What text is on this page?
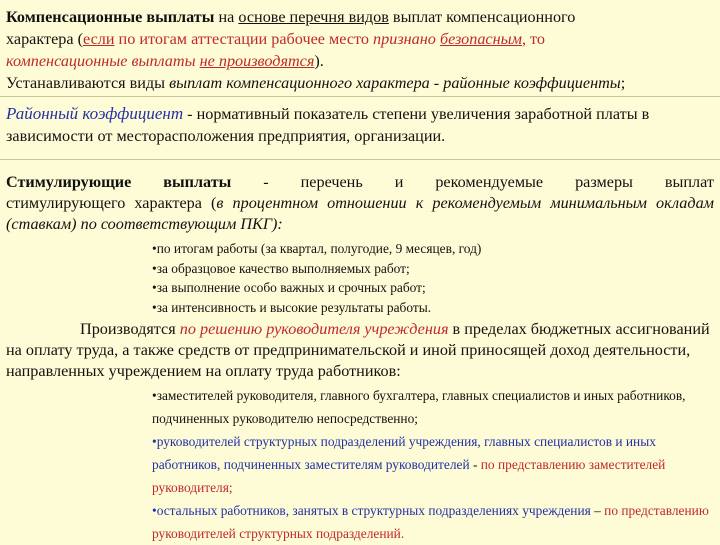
Компенсационные выплаты на основе перечня видов выплат компенсационного
характера (если по итогам аттестации рабочее место признано безопасным, то
компенсационные выплаты не производятся).
Устанавливаются виды выплат компенсационного характера - районные коэффициенты;
Районный коэффициент - нормативный показатель степени увеличения заработной платы в зависимости от месторасположения предприятия, организации.
Стимулирующие выплаты - перечень и рекомендуемые размеры выплат
стимулирующего характера (в процентном отношении к рекомендуемым минимальным окладам (ставкам) по соответствующим ПКГ):
•по итогам работы (за квартал, полугодие, 9 месяцев, год)
•за образцовое качество выполняемых работ;
•за выполнение особо важных и срочных работ;
•за интенсивность и высокие результаты работы.
Производятся по решению руководителя учреждения в пределах бюджетных ассигнований на оплату труда, а также средств от предпринимательской и иной приносящей доход деятельности, направленных учреждением на оплату труда работников:
•заместителей руководителя, главного бухгалтера, главных специалистов и иных работников, подчиненных руководителю непосредственно;
•руководителей структурных подразделений учреждения, главных специалистов и иных работников, подчиненных заместителям руководителей - по представлению заместителей руководителя;
•остальных работников, занятых в структурных подразделениях учреждения – по представлению руководителей структурных подразделений.
